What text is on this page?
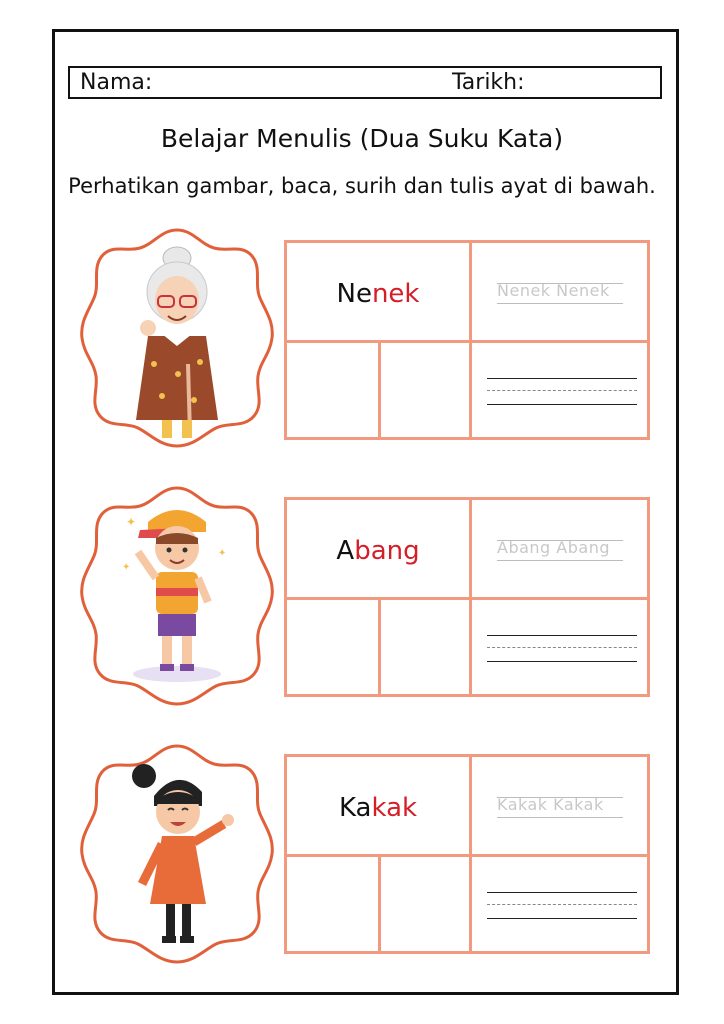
Nama:	Tarikh:
Belajar Menulis (Dua Suku Kata)
Perhatikan gambar, baca, surih dan tulis ayat di bawah.
Nenek	Nenek Nenek
✦
✦
✦	Abang	Abang Abang
Kakak	Kakak Kakak
